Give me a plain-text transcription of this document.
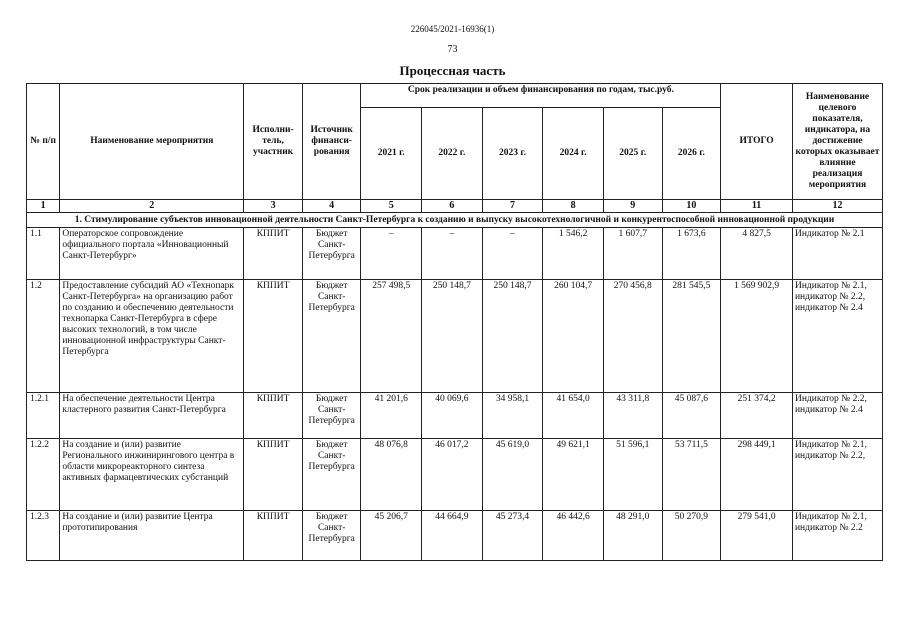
226045/2021-16936(1)
73
Процессная часть
№ п/п	Наименование мероприятия	Исполни-тель, участник	Источник финанси-рования	Срок реализации и объем финансирования по годам, тыс.руб.						ИТОГО	Наименование целевого показателя, индикатора, на достижение которых оказывает влияние реализация мероприятия
				2021 г.	2022 г.	2023 г.	2024 г.	2025 г.	2026 г.		
1	2	3	4	5	6	7	8	9	10	11	12
1. Стимулирование субъектов инновационной деятельности Санкт-Петербурга к созданию и выпуску высокотехнологичной и конкурентоспособной инновационной продукции											
1.1	Операторское сопровождение официального портала «Инновационный Санкт-Петербург»	КППИТ	Бюджет Санкт-Петербурга	–	–	–	1 546,2	1 607,7	1 673,6	4 827,5	Индикатор № 2.1
1.2	Предоставление субсидий АО «Технопарк Санкт-Петербурга» на организацию работ по созданию и обеспечению деятельности технопарка Санкт-Петербурга в сфере высоких технологий, в том числе инновационной инфраструктуры Санкт-Петербурга	КППИТ	Бюджет Санкт-Петербурга	257 498,5	250 148,7	250 148,7	260 104,7	270 456,8	281 545,5	1 569 902,9	Индикатор № 2.1, индикатор № 2.2, индикатор № 2.4
1.2.1	На обеспечение деятельности Центра кластерного развития Санкт-Петербурга	КППИТ	Бюджет Санкт-Петербурга	41 201,6	40 069,6	34 958,1	41 654,0	43 311,8	45 087,6	251 374,2	Индикатор № 2.2, индикатор № 2.4
1.2.2	На создание и (или) развитие Регионального инжинирингового центра в области микрореакторного синтеза активных фармацевтических субстанций	КППИТ	Бюджет Санкт-Петербурга	48 076,8	46 017,2	45 619,0	49 621,1	51 596,1	53 711,5	298 449,1	Индикатор № 2.1, индикатор № 2.2,
1.2.3	На создание и (или) развитие Центра прототипирования	КППИТ	Бюджет Санкт-Петербурга	45 206,7	44 664,9	45 273,4	46 442,6	48 291,0	50 270,9	279 541,0	Индикатор № 2.1, индикатор № 2.2
